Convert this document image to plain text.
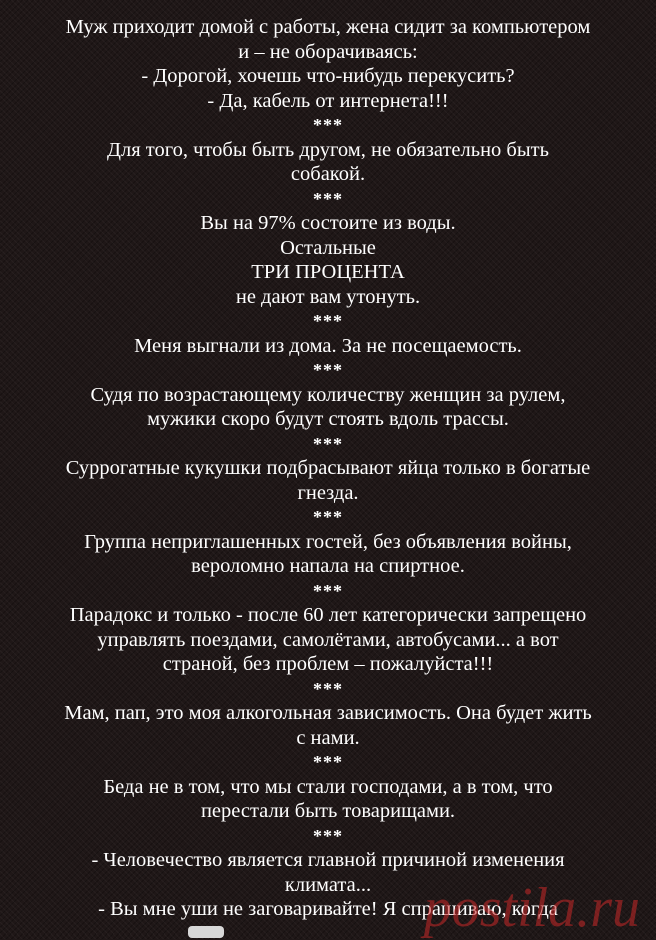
Муж приходит домой с работы, жена сидит за компьютером
и – не оборачиваясь:
- Дорогой, хочешь что-нибудь перекусить?
- Да, кабель от интернета!!!
***
Для того, чтобы быть другом, не обязательно быть
собакой.
***
Вы на 97% состоите из воды.
Остальные
ТРИ ПРОЦЕНТА
не дают вам утонуть.
***
Меня выгнали из дома. За не посещаемость.
***
Судя по возрастающему количеству женщин за рулем,
мужики скоро будут стоять вдоль трассы.
***
Суррогатные кукушки подбрасывают яйца только в богатые
гнезда.
***
Группа неприглашенных гостей, без объявления войны,
вероломно напала на спиртное.
***
Парадокс и только - после 60 лет категорически запрещено
управлять поездами, самолётами, автобусами... а вот
страной, без проблем – пожалуйста!!!
***
Мам, пап, это моя алкогольная зависимость. Она будет жить
с нами.
***
Беда не в том, что мы стали господами, а в том, что
перестали быть товарищами.
***
- Человечество является главной причиной изменения
климата...
- Вы мне уши не заговаривайте! Я спрашиваю, когда
postila.ru
